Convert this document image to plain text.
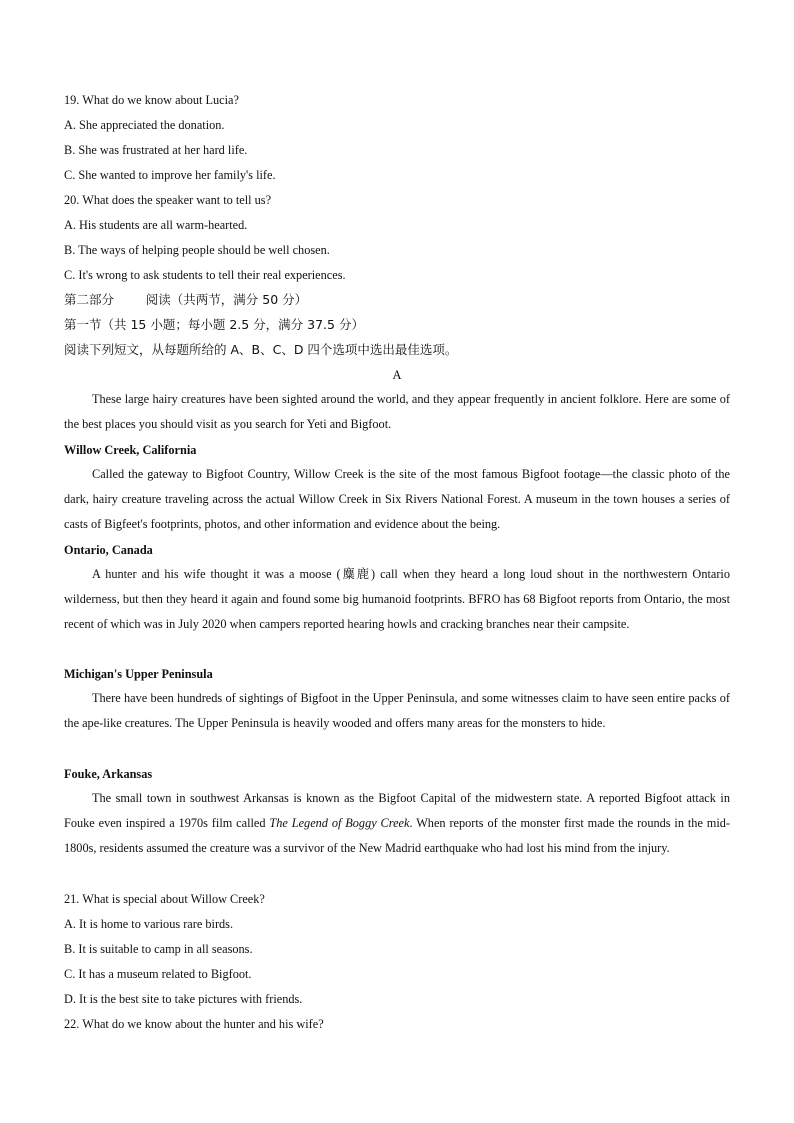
19. What do we know about Lucia?
A. She appreciated the donation.
B. She was frustrated at her hard life.
C. She wanted to improve her family's life.
20. What does the speaker want to tell us?
A. His students are all warm-hearted.
B. The ways of helping people should be well chosen.
C. It's wrong to ask students to tell their real experiences.
第二部分        阅读（共两节，满分 50 分）
第一节（共 15 小题；每小题 2.5 分，满分 37.5 分）
阅读下列短文，从每题所给的 A、B、C、D 四个选项中选出最佳选项。
A
These large hairy creatures have been sighted around the world, and they appear frequently in ancient folklore. Here are some of the best places you should visit as you search for Yeti and Bigfoot.
Willow Creek, California
Called the gateway to Bigfoot Country, Willow Creek is the site of the most famous Bigfoot footage—the classic photo of the dark, hairy creature traveling across the actual Willow Creek in Six Rivers National Forest. A museum in the town houses a series of casts of Bigfeet's footprints, photos, and other information and evidence about the being.
Ontario, Canada
A hunter and his wife thought it was a moose (麋鹿) call when they heard a long loud shout in the northwestern Ontario wilderness, but then they heard it again and found some big humanoid footprints. BFRO has 68 Bigfoot reports from Ontario, the most recent of which was in July 2020 when campers reported hearing howls and cracking branches near their campsite.
Michigan's Upper Peninsula
There have been hundreds of sightings of Bigfoot in the Upper Peninsula, and some witnesses claim to have seen entire packs of the ape-like creatures. The Upper Peninsula is heavily wooded and offers many areas for the monsters to hide.
Fouke, Arkansas
The small town in southwest Arkansas is known as the Bigfoot Capital of the midwestern state. A reported Bigfoot attack in Fouke even inspired a 1970s film called The Legend of Boggy Creek. When reports of the monster first made the rounds in the mid-1800s, residents assumed the creature was a survivor of the New Madrid earthquake who had lost his mind from the injury.
21. What is special about Willow Creek?
A. It is home to various rare birds.
B. It is suitable to camp in all seasons.
C. It has a museum related to Bigfoot.
D. It is the best site to take pictures with friends.
22. What do we know about the hunter and his wife?
